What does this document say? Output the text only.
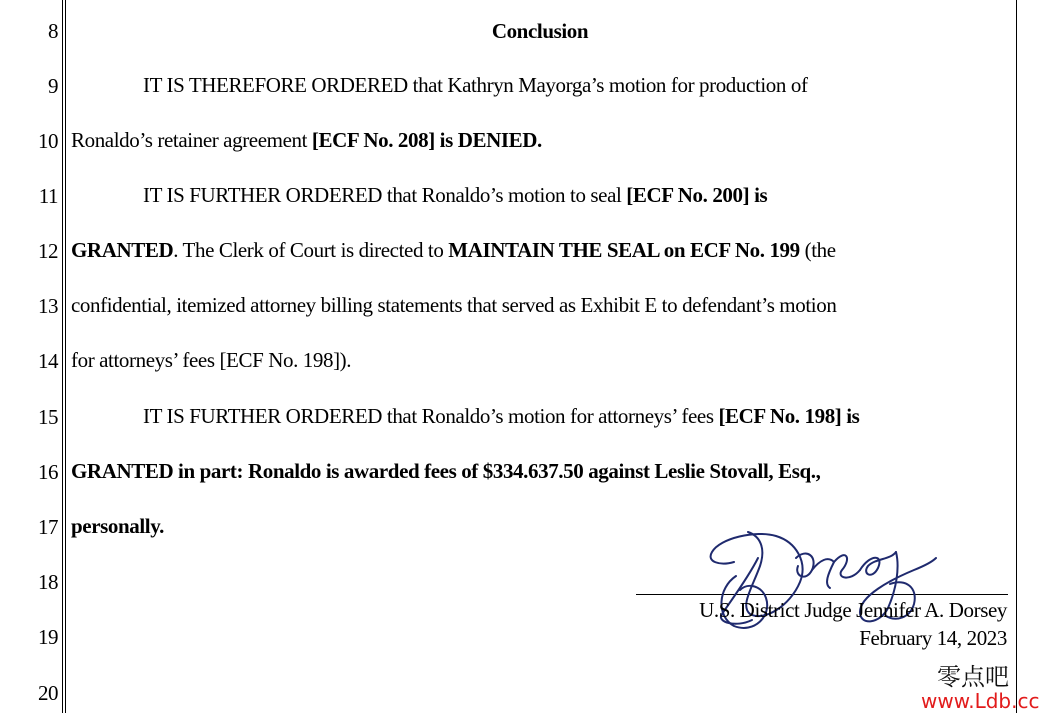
8
9
10
11
12
13
14
15
16
17
18
19
20
Conclusion
IT IS THEREFORE ORDERED that Kathryn Mayorga’s motion for production of
Ronaldo’s retainer agreement [ECF No. 208] is DENIED.
IT IS FURTHER ORDERED that Ronaldo’s motion to seal [ECF No. 200] is
GRANTED. The Clerk of Court is directed to MAINTAIN THE SEAL on ECF No. 199 (the
confidential, itemized attorney billing statements that served as Exhibit E to defendant’s motion
for attorneys’ fees [ECF No. 198]).
IT IS FURTHER ORDERED that Ronaldo’s motion for attorneys’ fees [ECF No. 198] is
GRANTED in part: Ronaldo is awarded fees of $334.637.50 against Leslie Stovall, Esq.,
personally.
U.S. District Judge Jennifer A. Dorsey
February 14, 2023
零点吧
www.Ldb.cc
